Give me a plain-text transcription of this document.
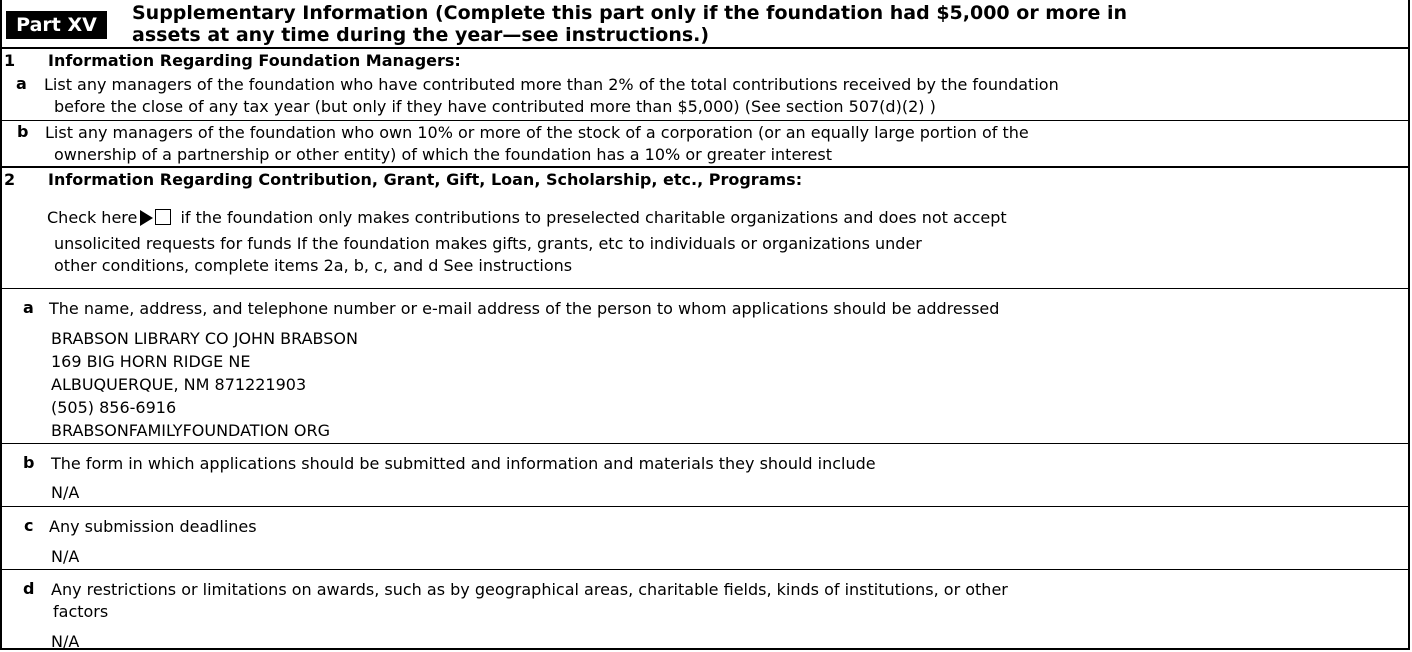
Part XV
Supplementary Information (Complete this part only if the foundation had $5,000 or more in
assets at any time during the year—see instructions.)
1 Information Regarding Foundation Managers:
a List any managers of the foundation who have contributed more than 2% of the total contributions received by the foundation
before the close of any tax year (but only if they have contributed more than $5,000) (See section 507(d)(2) )
b List any managers of the foundation who own 10% or more of the stock of a corporation (or an equally large portion of the
ownership of a partnership or other entity) of which the foundation has a 10% or greater interest
2 Information Regarding Contribution, Grant, Gift, Loan, Scholarship, etc., Programs:
Check here	if the foundation only makes contributions to preselected charitable organizations and does not accept
unsolicited requests for funds If the foundation makes gifts, grants, etc to individuals or organizations under
other conditions, complete items 2a, b, c, and d See instructions
a The name, address, and telephone number or e-mail address of the person to whom applications should be addressed
BRABSON LIBRARY CO JOHN BRABSON
169 BIG HORN RIDGE NE
ALBUQUERQUE, NM 871221903
(505) 856-6916
BRABSONFAMILYFOUNDATION ORG
b The form in which applications should be submitted and information and materials they should include
N/A
c Any submission deadlines
N/A
d Any restrictions or limitations on awards, such as by geographical areas, charitable fields, kinds of institutions, or other
factors
N/A
